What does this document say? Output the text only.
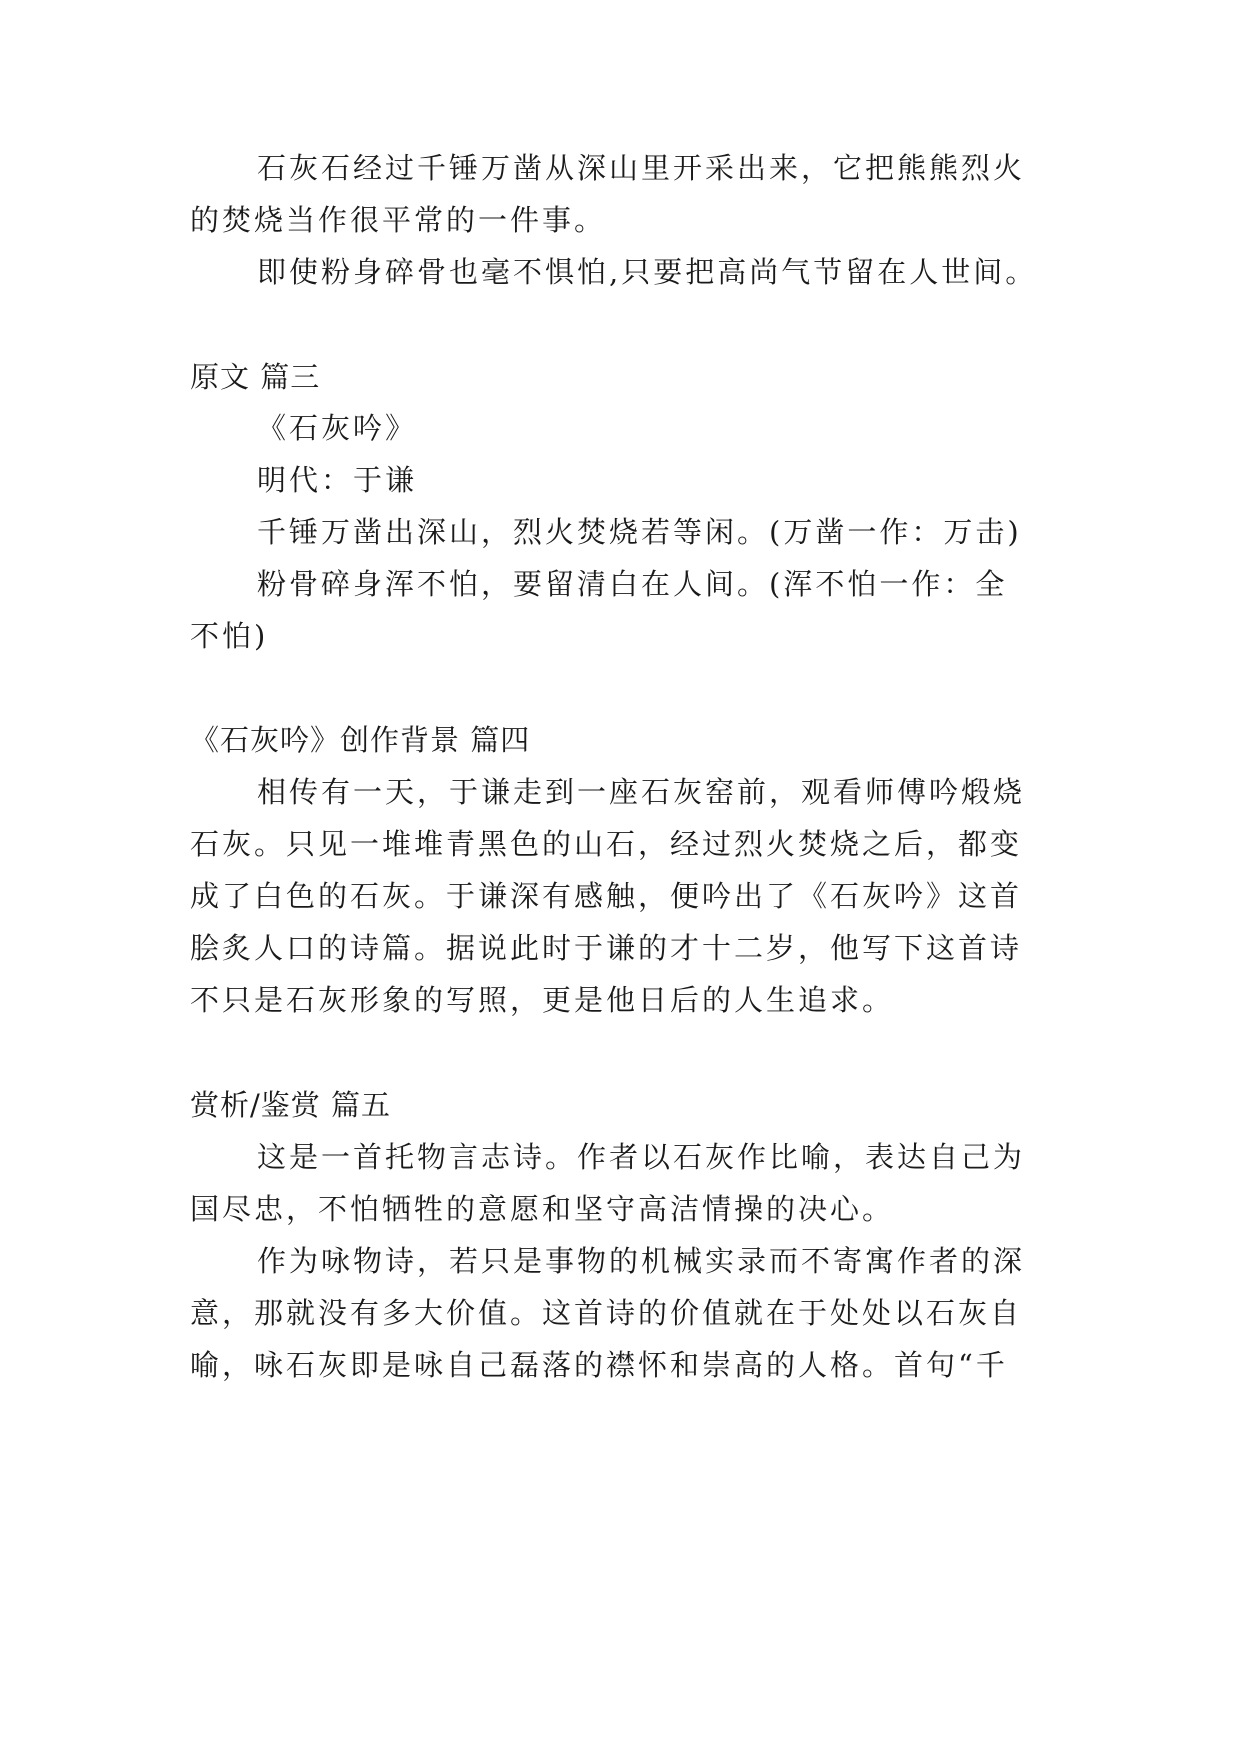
石灰石经过千锤万凿从深山里开采出来，它把熊熊烈火
的焚烧当作很平常的一件事。
即使粉身碎骨也毫不惧怕,只要把高尚气节留在人世间。
原文 篇三
《石灰吟》
明代：于谦
千锤万凿出深山，烈火焚烧若等闲。(万凿一作：万击)
粉骨碎身浑不怕，要留清白在人间。(浑不怕一作：全
不怕)
《石灰吟》创作背景 篇四
相传有一天，于谦走到一座石灰窑前，观看师傅吟煅烧
石灰。只见一堆堆青黑色的山石，经过烈火焚烧之后，都变
成了白色的石灰。于谦深有感触，便吟出了《石灰吟》这首
脍炙人口的诗篇。据说此时于谦的才十二岁，他写下这首诗
不只是石灰形象的写照，更是他日后的人生追求。
赏析/鉴赏 篇五
这是一首托物言志诗。作者以石灰作比喻，表达自己为
国尽忠，不怕牺牲的意愿和坚守高洁情操的决心。
作为咏物诗，若只是事物的机械实录而不寄寓作者的深
意，那就没有多大价值。这首诗的价值就在于处处以石灰自
喻，咏石灰即是咏自己磊落的襟怀和崇高的人格。首句“千
